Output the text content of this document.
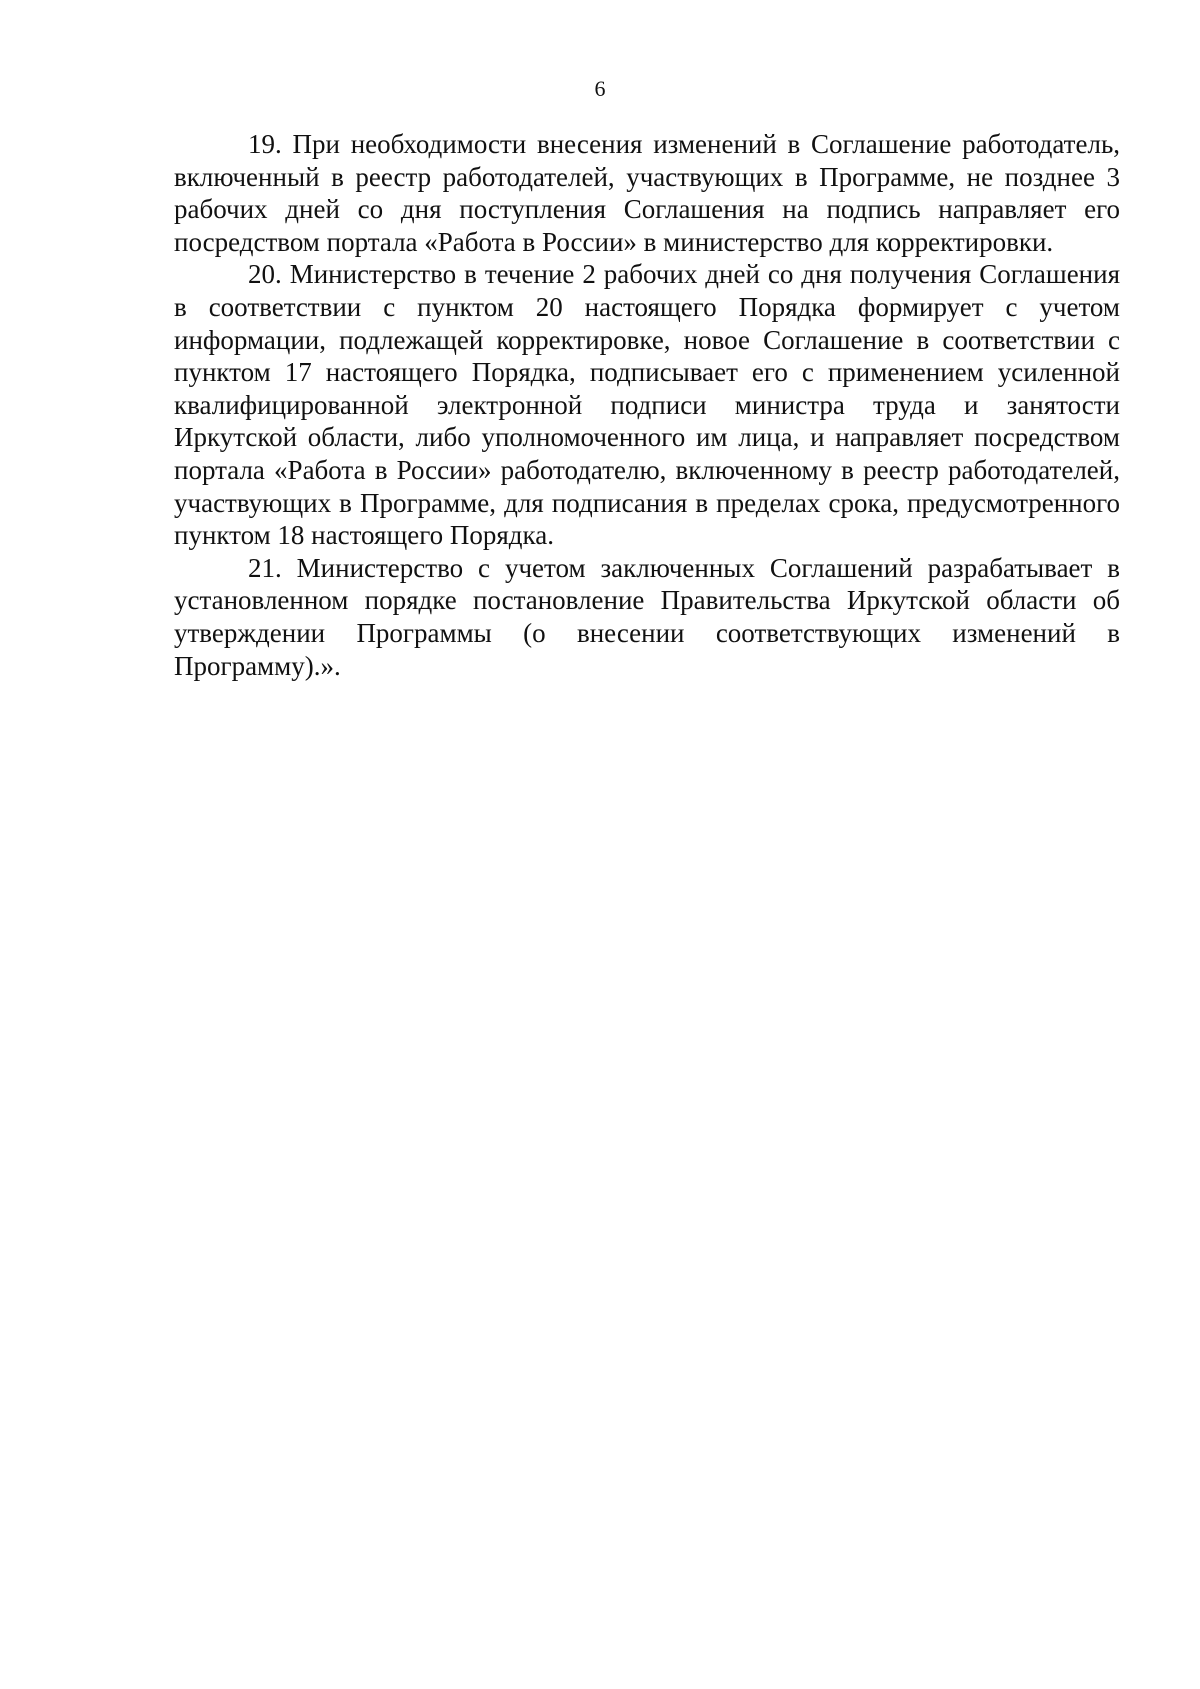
6

19. При необходимости внесения изменений в Соглашение работодатель, включенный в реестр работодателей, участвующих в Программе, не позднее 3 рабочих дней со дня поступления Соглашения на подпись направляет его посредством портала «Работа в России» в министерство для корректировки.

20. Министерство в течение 2 рабочих дней со дня получения Соглашения в соответствии с пунктом 20 настоящего Порядка формирует с учетом информации, подлежащей корректировке, новое Соглашение в соответствии с пунктом 17 настоящего Порядка, подписывает его с применением усиленной квалифицированной электронной подписи министра труда и занятости Иркутской области, либо уполномоченного им лица, и направляет посредством портала «Работа в России» работодателю, включенному в реестр работодателей, участвующих в Программе, для подписания в пределах срока, предусмотренного пунктом 18 настоящего Порядка.

21. Министерство с учетом заключенных Соглашений разрабатывает в установленном порядке постановление Правительства Иркутской области об утверждении Программы (о внесении соответствующих изменений в Программу).».
